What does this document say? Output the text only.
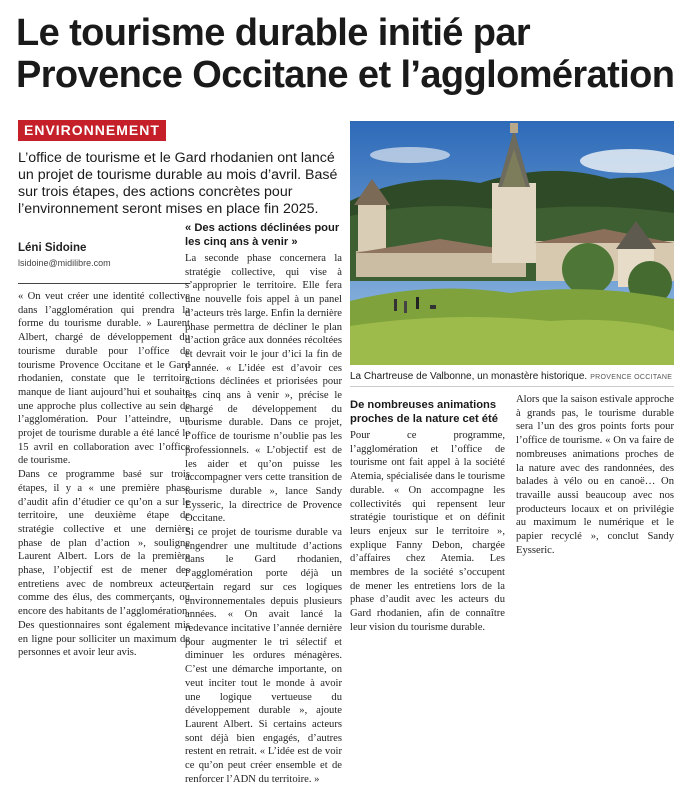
Le tourisme durable initié par Provence Occitane et l’agglomération
ENVIRONNEMENT

L’office de tourisme et le Gard rhodanien ont lancé un projet de tourisme durable au mois d’avril. Basé sur trois étapes, des actions concrètes pour l’environnement seront mises en place fin 2025.

Léni Sidoine
lsidoine@midilibre.com

« On veut créer une identité collective dans l’agglomération qui prendra la forme du tourisme durable. » Laurent Albert, chargé de développement du tourisme durable pour l’office de tourisme Provence Occitane et le Gard rhodanien, constate que le territoire manque de liant aujourd’hui et souhaite une approche plus collective au sein de l’agglomération. Pour l’atteindre, un projet de tourisme durable a été lancé le 15 avril en collaboration avec l’office de tourisme.

Dans ce programme basé sur trois étapes, il y a « une première phase d’audit afin d’étudier ce qu’on a sur le territoire, une deuxième étape de stratégie collective et une dernière phase de plan d’action », souligne Laurent Albert. Lors de la première phase, l’objectif est de mener des entretiens avec de nombreux acteurs comme des élus, des commerçants, ou encore des habitants de l’agglomération. Des questionnaires sont également mis en ligne pour solliciter un maximum de personnes et avoir leur avis.

La Chartreuse de Valbonne, un monastère historique. PROVENCE OCCITANE
« Des actions déclinées pour les cinq ans à venir »

La seconde phase concernera la stratégie collective, qui vise à s’approprier le territoire. Elle fera une nouvelle fois appel à un panel d’acteurs très large. Enfin la dernière phase permettra de décliner le plan d’action grâce aux données récoltées et devrait voir le jour d’ici la fin de l’année. « L’idée est d’avoir ces actions déclinées et priorisées pour les cinq ans à venir », précise le chargé de développement du tourisme durable. Dans ce projet, l’office de tourisme n’oublie pas les professionnels. « L’objectif est de les aider et qu’on puisse les accompagner vers cette transition de tourisme durable », lance Sandy Eysseric, la directrice de Provence Occitane.

Si ce projet de tourisme durable va engendrer une multitude d’actions dans le Gard rhodanien, l’agglomération porte déjà un certain regard sur ces logiques environnementales depuis plusieurs années. « On avait lancé la redevance incitative l’année dernière pour augmenter le tri sélectif et diminuer les ordures ménagères. C’est une démarche importante, on veut inciter tout le monde à avoir une logique vertueuse du développement durable », ajoute Laurent Albert. Si certains acteurs sont déjà bien engagés, d’autres restent en retrait. « L’idée est de voir ce qu’on peut créer ensemble et de renforcer l’ADN du territoire. »

De nombreuses animations proches de la nature cet été

Pour ce programme, l’agglomération et l’office de tourisme ont fait appel à la société Atemia, spécialisée dans le tourisme durable. « On accompagne les collectivités qui repensent leur stratégie touristique et on définit leurs enjeux sur le territoire », explique Fanny Debon, chargée d’affaires chez Atemia. Les membres de la société s’occupent de mener les entretiens lors de la phase d’audit avec les acteurs du Gard rhodanien, afin de connaître leur vision du tourisme durable.

Alors que la saison estivale approche à grands pas, le tourisme durable sera l’un des gros points forts pour l’office de tourisme. « On va faire de nombreuses animations proches de la nature avec des randonnées, des balades à vélo ou en canoë… On travaille aussi beaucoup avec nos producteurs locaux et on privilégie au maximum le numérique et le papier recyclé », conclut Sandy Eysseric.
